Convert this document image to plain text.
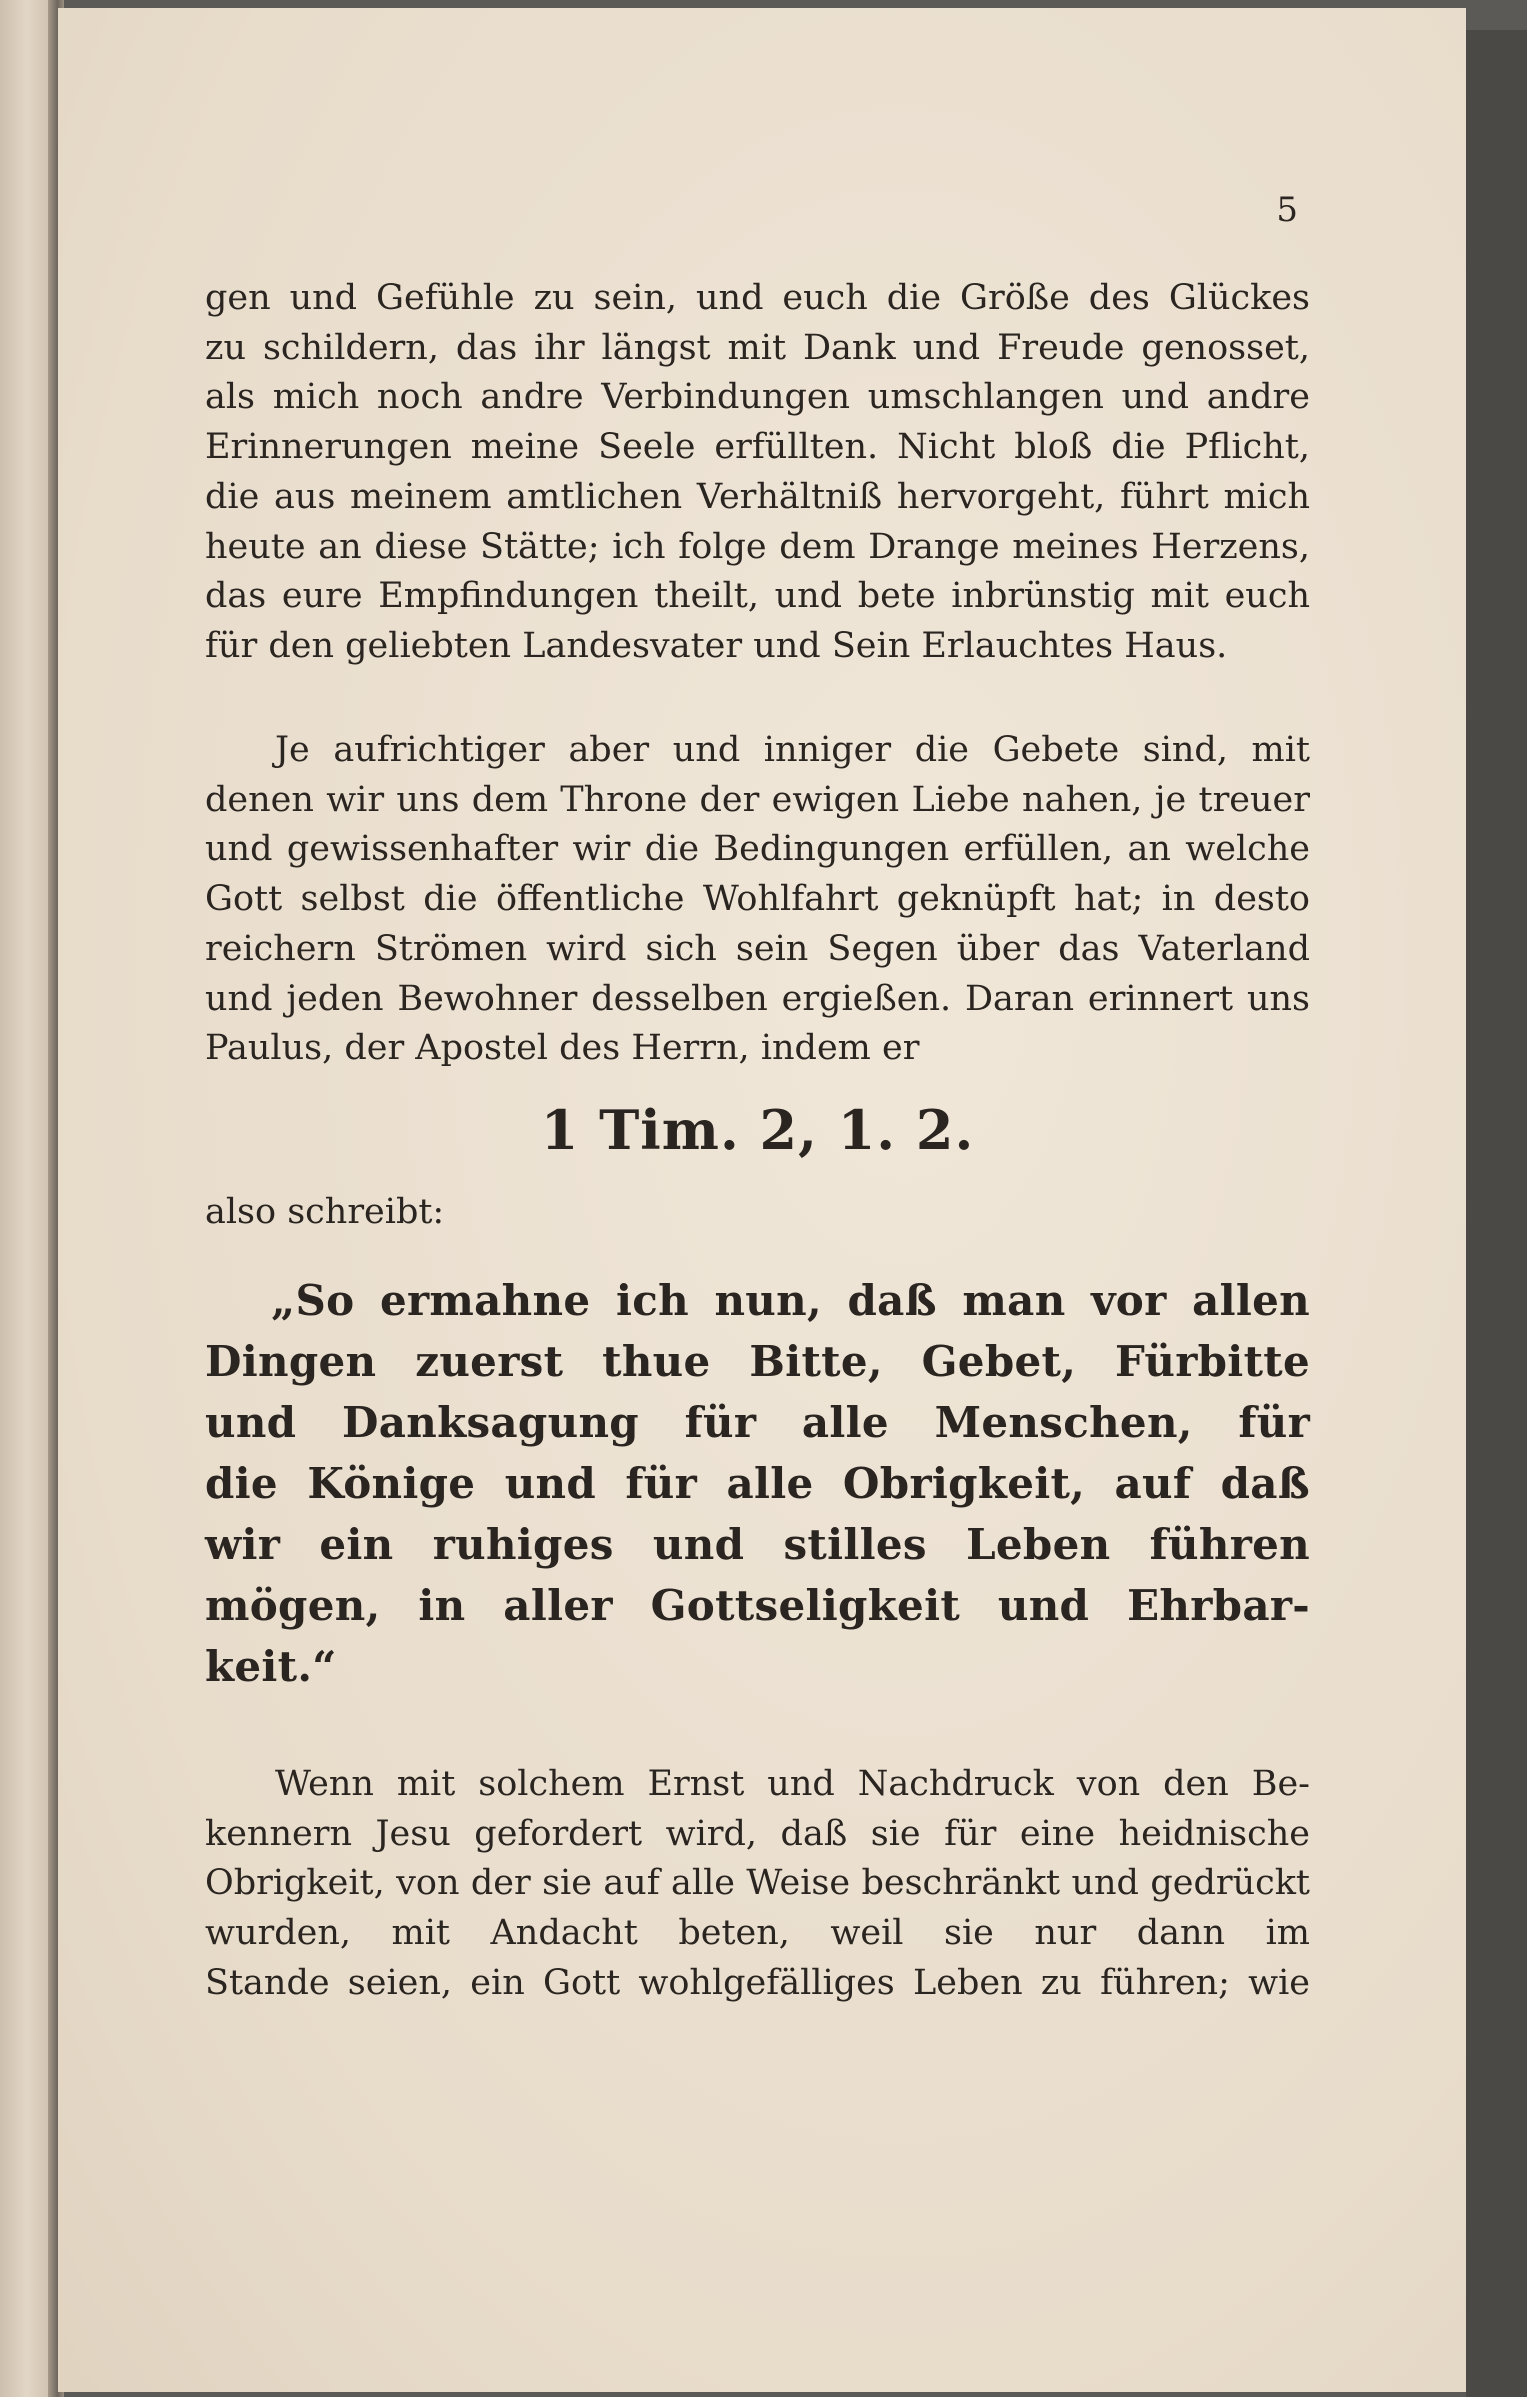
5
gen und Gefühle zu sein, und euch die Größe des Glückes
zu schildern, das ihr längst mit Dank und Freude genosset,
als mich noch andre Verbindungen umschlangen und andre
Erinnerungen meine Seele erfüllten. Nicht bloß die Pflicht,
die aus meinem amtlichen Verhältniß hervorgeht, führt mich
heute an diese Stätte; ich folge dem Drange meines Herzens,
das eure Empfindungen theilt, und bete inbrünstig mit euch
für den geliebten Landesvater und Sein Erlauchtes Haus.
Je aufrichtiger aber und inniger die Gebete sind, mit
denen wir uns dem Throne der ewigen Liebe nahen, je treuer
und gewissenhafter wir die Bedingungen erfüllen, an welche
Gott selbst die öffentliche Wohlfahrt geknüpft hat; in desto
reichern Strömen wird sich sein Segen über das Vaterland
und jeden Bewohner desselben ergießen. Daran erinnert uns
Paulus, der Apostel des Herrn, indem er
1 Tim. 2, 1. 2.
also schreibt:
„So ermahne ich nun, daß man vor allen
Dingen zuerst thue Bitte, Gebet, Fürbitte
und Danksagung für alle Menschen, für
die Könige und für alle Obrigkeit, auf daß
wir ein ruhiges und stilles Leben führen
mögen, in aller Gottseligkeit und Ehrbar-
keit.“
Wenn mit solchem Ernst und Nachdruck von den Be-
kennern Jesu gefordert wird, daß sie für eine heidnische
Obrigkeit, von der sie auf alle Weise beschränkt und gedrückt
wurden, mit Andacht beten, weil sie nur dann im
Stande seien, ein Gott wohlgefälliges Leben zu führen; wie
